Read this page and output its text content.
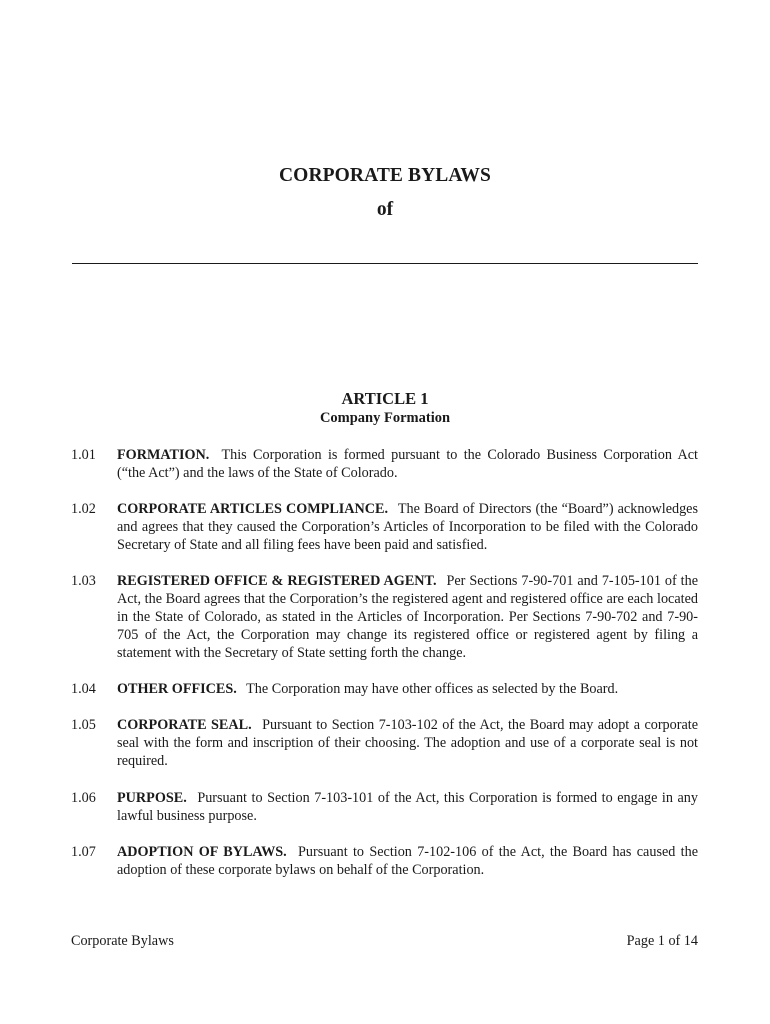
CORPORATE BYLAWS
of
ARTICLE 1
Company Formation
1.01 FORMATION. This Corporation is formed pursuant to the Colorado Business Corporation Act (“the Act”) and the laws of the State of Colorado.
1.02 CORPORATE ARTICLES COMPLIANCE. The Board of Directors (the “Board”) acknowledges and agrees that they caused the Corporation’s Articles of Incorporation to be filed with the Colorado Secretary of State and all filing fees have been paid and satisfied.
1.03 REGISTERED OFFICE & REGISTERED AGENT. Per Sections 7-90-701 and 7-105-101 of the Act, the Board agrees that the Corporation’s the registered agent and registered office are each located in the State of Colorado, as stated in the Articles of Incorporation. Per Sections 7-90-702 and 7-90-705 of the Act, the Corporation may change its registered office or registered agent by filing a statement with the Secretary of State setting forth the change.
1.04 OTHER OFFICES. The Corporation may have other offices as selected by the Board.
1.05 CORPORATE SEAL. Pursuant to Section 7-103-102 of the Act, the Board may adopt a corporate seal with the form and inscription of their choosing. The adoption and use of a corporate seal is not required.
1.06 PURPOSE. Pursuant to Section 7-103-101 of the Act, this Corporation is formed to engage in any lawful business purpose.
1.07 ADOPTION OF BYLAWS. Pursuant to Section 7-102-106 of the Act, the Board has caused the adoption of these corporate bylaws on behalf of the Corporation.
Corporate Bylaws	Page 1 of 14
